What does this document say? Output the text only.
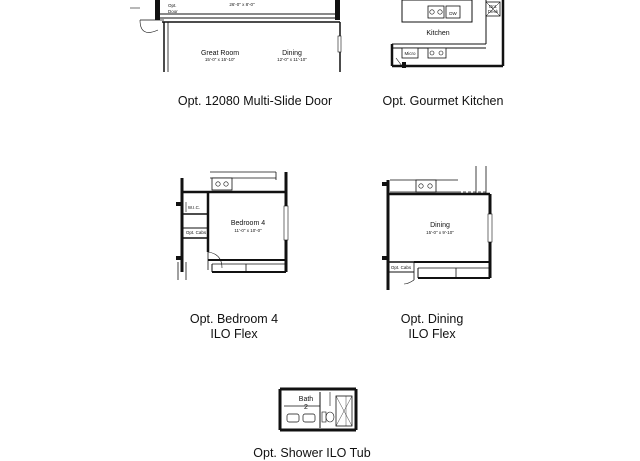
Opt.
Door
26'-0" x 8'-0"
Great Room
15'-0" x 15'-10"
Dining
12'-0" x 11'-10"
DW
Opt.
Desk
Kitchen
Micro
W.I.C.
Opt. Cabs
Bedroom 4
11'-0" x 10'-0"
Opt. Cabs
Dining
15'-0" x 9'-10"
Bath
2
Opt. 12080 Multi-Slide Door	Opt. Gourmet Kitchen
Opt. Bedroom 4
ILO Flex
Opt. Dining
ILO Flex
Opt. Shower ILO Tub
